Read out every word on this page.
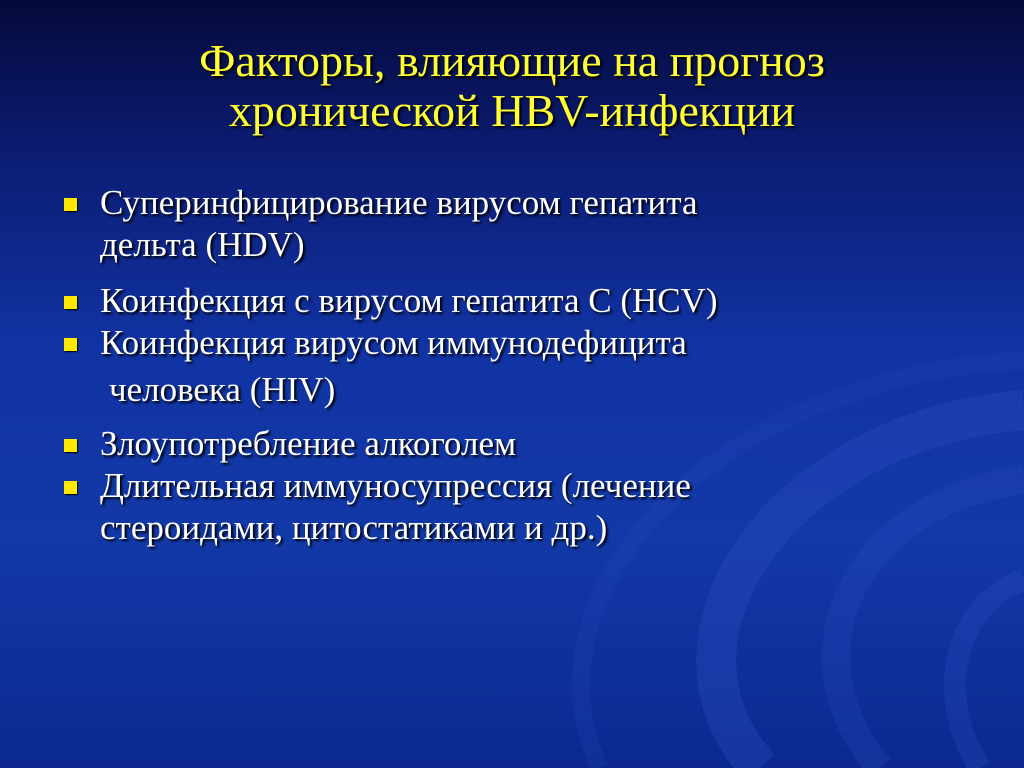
Факторы, влияющие на прогноз
хронической HBV-инфекции
Суперинфицирование вирусом гепатита
дельта (HDV)
Коинфекция с вирусом гепатита С (HCV)
Коинфекция вирусом иммунодефицита
человека (HIV)
Злоупотребление алкоголем
Длительная иммуносупрессия (лечение
стероидами, цитостатиками и др.)
